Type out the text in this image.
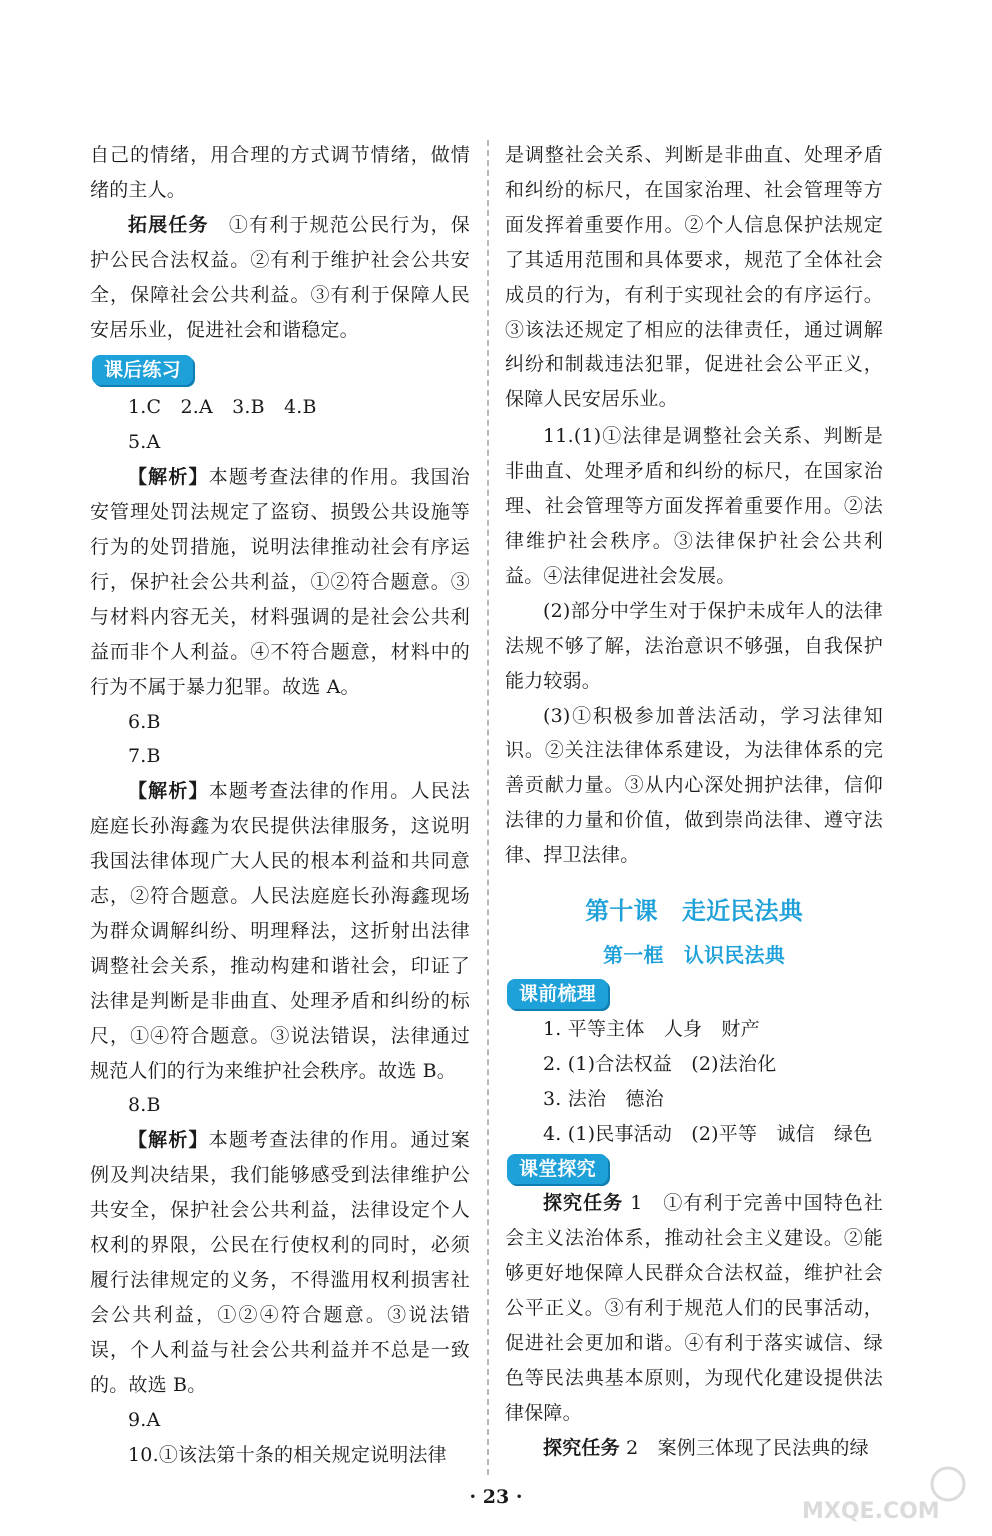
自己的情绪，用合理的方式调节情绪，做情绪的主人。

拓展任务　 ①有利于规范公民行为，保护公民合法权益。②有利于维护社会公共安全，保障社会公共利益。③有利于保障人民安居乐业，促进社会和谐稳定。

课后练习

1.C　2.A　3.B　4.B

5.A

【解析】本题考查法律的作用。我国治安管理处罚法规定了盗窃、损毁公共设施等行为的处罚措施，说明法律推动社会有序运行，保护社会公共利益，①②符合题意。③与材料内容无关，材料强调的是社会公共利益而非个人利益。④不符合题意，材料中的行为不属于暴力犯罪。故选 A。

6.B

7.B

【解析】本题考查法律的作用。人民法庭庭长孙海鑫为农民提供法律服务，这说明我国法律体现广大人民的根本利益和共同意志，②符合题意。人民法庭庭长孙海鑫现场为群众调解纠纷、明理释法，这折射出法律调整社会关系，推动构建和谐社会，印证了法律是判断是非曲直、处理矛盾和纠纷的标尺，①④符合题意。③说法错误，法律通过规范人们的行为来维护社会秩序。故选 B。

8.B

【解析】本题考查法律的作用。通过案例及判决结果，我们能够感受到法律维护公共安全，保护社会公共利益，法律设定个人权利的界限，公民在行使权利的同时，必须履行法律规定的义务，不得滥用权利损害社会公共利益，①②④符合题意。③说法错误，个人利益与社会公共利益并不总是一致的。故选 B。

9.A

10.①该法第十条的相关规定说明法律

是调整社会关系、判断是非曲直、处理矛盾和纠纷的标尺，在国家治理、社会管理等方面发挥着重要作用。②个人信息保护法规定了其适用范围和具体要求，规范了全体社会成员的行为，有利于实现社会的有序运行。③该法还规定了相应的法律责任，通过调解纠纷和制裁违法犯罪，促进社会公平正义，保障人民安居乐业。

11.(1)①法律是调整社会关系、判断是非曲直、处理矛盾和纠纷的标尺，在国家治理、社会管理等方面发挥着重要作用。②法律维护社会秩序。③法律保护社会公共利益。④法律促进社会发展。

(2)部分中学生对于保护未成年人的法律法规不够了解，法治意识不够强，自我保护能力较弱。

(3)①积极参加普法活动，学习法律知识。②关注法律体系建设，为法律体系的完善贡献力量。③从内心深处拥护法律，信仰法律的力量和价值，做到崇尚法律、遵守法律、捍卫法律。

第十课　走近民法典
第一框　认识民法典
课前梳理

1. 平等主体　人身　财产

2. (1)合法权益　(2)法治化

3. 法治　德治

4. (1)民事活动　(2)平等　诚信　绿色

课堂探究

探究任务 1　 ①有利于完善中国特色社会主义法治体系，推动社会主义建设。②能够更好地保障人民群众合法权益，维护社会公平正义。③有利于规范人们的民事活动，促进社会更加和谐。④有利于落实诚信、绿色等民法典基本原则，为现代化建设提供法律保障。

探究任务 2　 案例三体现了民法典的绿

· 23 ·
MXQE.COM
